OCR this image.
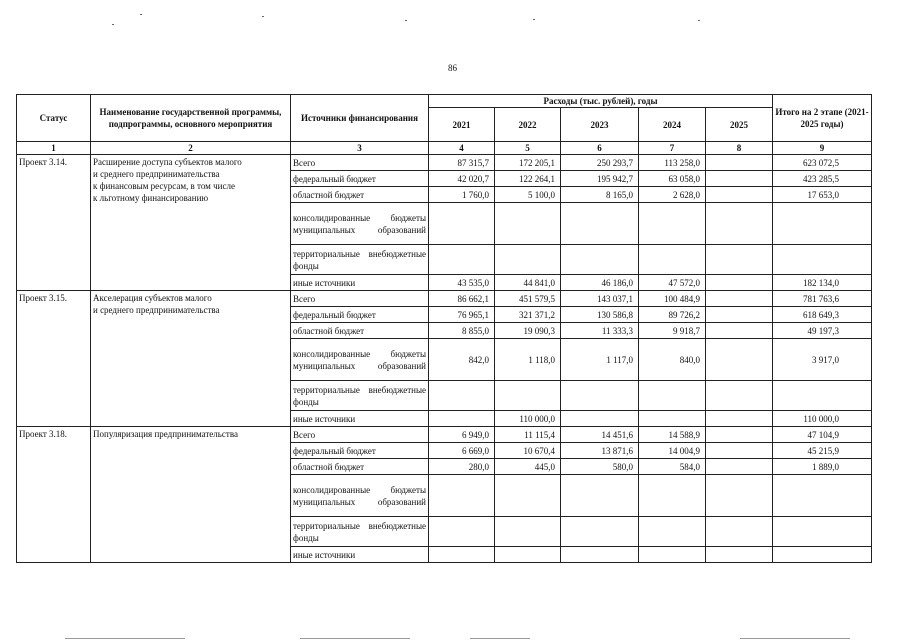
86
Статус	Наименование государственной программы, подпрограммы, основного мероприятия	Источники финансирования	Расходы (тыс. рублей), годы					Итого на 2 этапе (2021-2025 годы)
			2021	2022	2023	2024	2025	
1	2	3	4	5	6	7	8	9
Проект 3.14.	Расширение доступа субъектов малого
и среднего предпринимательства
к финансовым ресурсам, в том числе
к льготному финансированию	Всего	87 315,7	172 205,1	250 293,7	113 258,0		623 072,5
		федеральный бюджет	42 020,7	122 264,1	195 942,7	63 058,0		423 285,5
		областной бюджет	1 760,0	5 100,0	8 165,0	2 628,0		17 653,0
		консолидированные бюджеты муниципальных образований						
		территориальные внебюджетные фонды						
		иные источники	43 535,0	44 841,0	46 186,0	47 572,0		182 134,0
Проект 3.15.	Акселерация субъектов малого
и среднего предпринимательства	Всего	86 662,1	451 579,5	143 037,1	100 484,9		781 763,6
		федеральный бюджет	76 965,1	321 371,2	130 586,8	89 726,2		618 649,3
		областной бюджет	8 855,0	19 090,3	11 333,3	9 918,7		49 197,3
		консолидированные бюджеты муниципальных образований	842,0	1 118,0	1 117,0	840,0		3 917,0
		территориальные внебюджетные фонды						
		иные источники		110 000,0				110 000,0
Проект 3.18.	Популяризация предпринимательства	Всего	6 949,0	11 115,4	14 451,6	14 588,9		47 104,9
		федеральный бюджет	6 669,0	10 670,4	13 871,6	14 004,9		45 215,9
		областной бюджет	280,0	445,0	580,0	584,0		1 889,0
		консолидированные бюджеты муниципальных образований						
		территориальные внебюджетные фонды						
		иные источники						
